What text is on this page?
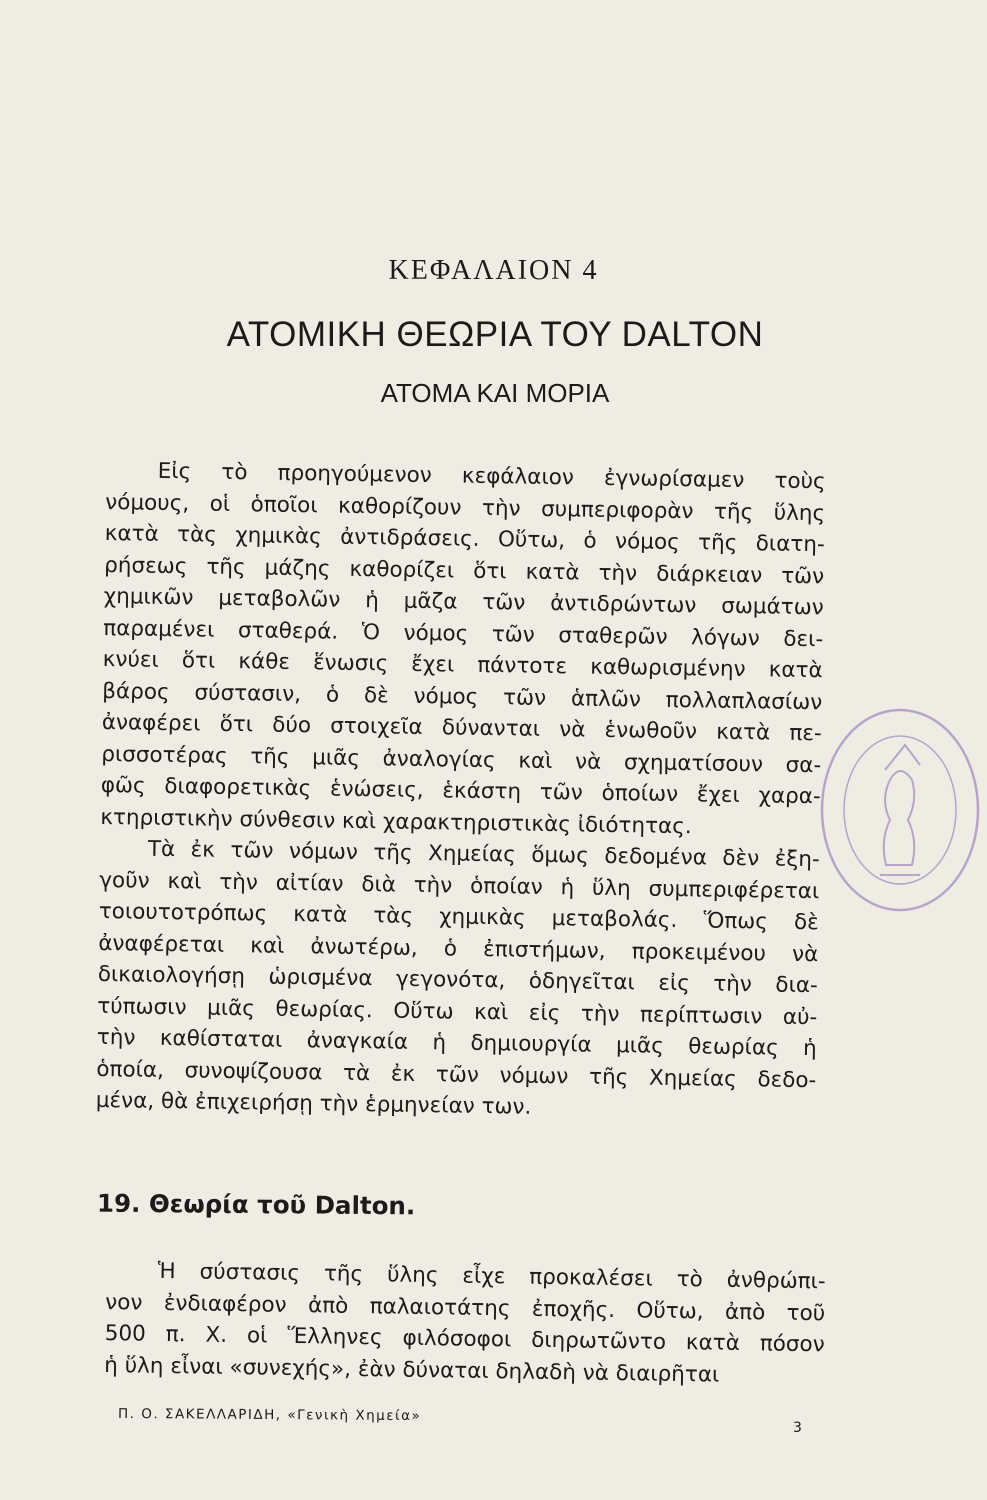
ΚΕΦΑΛΑΙΟΝ 4
ΑΤΟΜΙΚΗ ΘΕΩΡΙΑ ΤΟΥ DALTON
ΑΤΟΜΑ ΚΑΙ ΜΟΡΙΑ
Εἰς τὸ προηγούμενον κεφάλαιον ἐγνωρίσαμεν τοὺς
νόμους, οἱ ὁποῖοι καθορίζουν τὴν συμπεριφορὰν τῆς ὕλης
κατὰ τὰς χημικὰς ἀντιδράσεις. Οὕτω, ὁ νόμος τῆς διατη-
ρήσεως τῆς μάζης καθορίζει ὅτι κατὰ τὴν διάρκειαν τῶν
χημικῶν μεταβολῶν ἡ μᾶζα τῶν ἀντιδρώντων σωμάτων
παραμένει σταθερά. Ὁ νόμος τῶν σταθερῶν λόγων δει-
κνύει ὅτι κάθε ἕνωσις ἔχει πάντοτε καθωρισμένην κατὰ
βάρος σύστασιν, ὁ δὲ νόμος τῶν ἁπλῶν πολλαπλασίων
ἀναφέρει ὅτι δύο στοιχεῖα δύνανται νὰ ἑνωθοῦν κατὰ πε-
ρισσοτέρας τῆς μιᾶς ἀναλογίας καὶ νὰ σχηματίσουν σα-
φῶς διαφορετικὰς ἑνώσεις, ἑκάστη τῶν ὁποίων ἔχει χαρα-
κτηριστικὴν σύνθεσιν καὶ χαρακτηριστικὰς ἰδιότητας.
Τὰ ἐκ τῶν νόμων τῆς Χημείας ὅμως δεδομένα δὲν ἐξη-
γοῦν καὶ τὴν αἰτίαν διὰ τὴν ὁποίαν ἡ ὕλη συμπεριφέρεται
τοιουτοτρόπως κατὰ τὰς χημικὰς μεταβολάς. Ὅπως δὲ
ἀναφέρεται καὶ ἀνωτέρω, ὁ ἐπιστήμων, προκειμένου νὰ
δικαιολογήσῃ ὡρισμένα γεγονότα, ὁδηγεῖται εἰς τὴν δια-
τύπωσιν μιᾶς θεωρίας. Οὕτω καὶ εἰς τὴν περίπτωσιν αὐ-
τὴν καθίσταται ἀναγκαία ἡ δημιουργία μιᾶς θεωρίας ἡ
ὁποία, συνοψίζουσα τὰ ἐκ τῶν νόμων τῆς Χημείας δεδο-
μένα, θὰ ἐπιχειρήσῃ τὴν ἑρμηνείαν των.
19. Θεωρία τοῦ Dalton.
Ἡ σύστασις τῆς ὕλης εἶχε προκαλέσει τὸ ἀνθρώπι-
νον ἐνδιαφέρον ἀπὸ παλαιοτάτης ἐποχῆς. Οὕτω, ἀπὸ τοῦ
500 π. Χ. οἱ Ἕλληνες φιλόσοφοι διηρωτῶντο κατὰ πόσον
ἡ ὕλη εἶναι «συνεχής», ἐὰν δύναται δηλαδὴ νὰ διαιρῆται
Π. Ο. ΣΑΚΕΛΛΑΡΙΔΗ, «Γενικὴ Χημεία»
3
